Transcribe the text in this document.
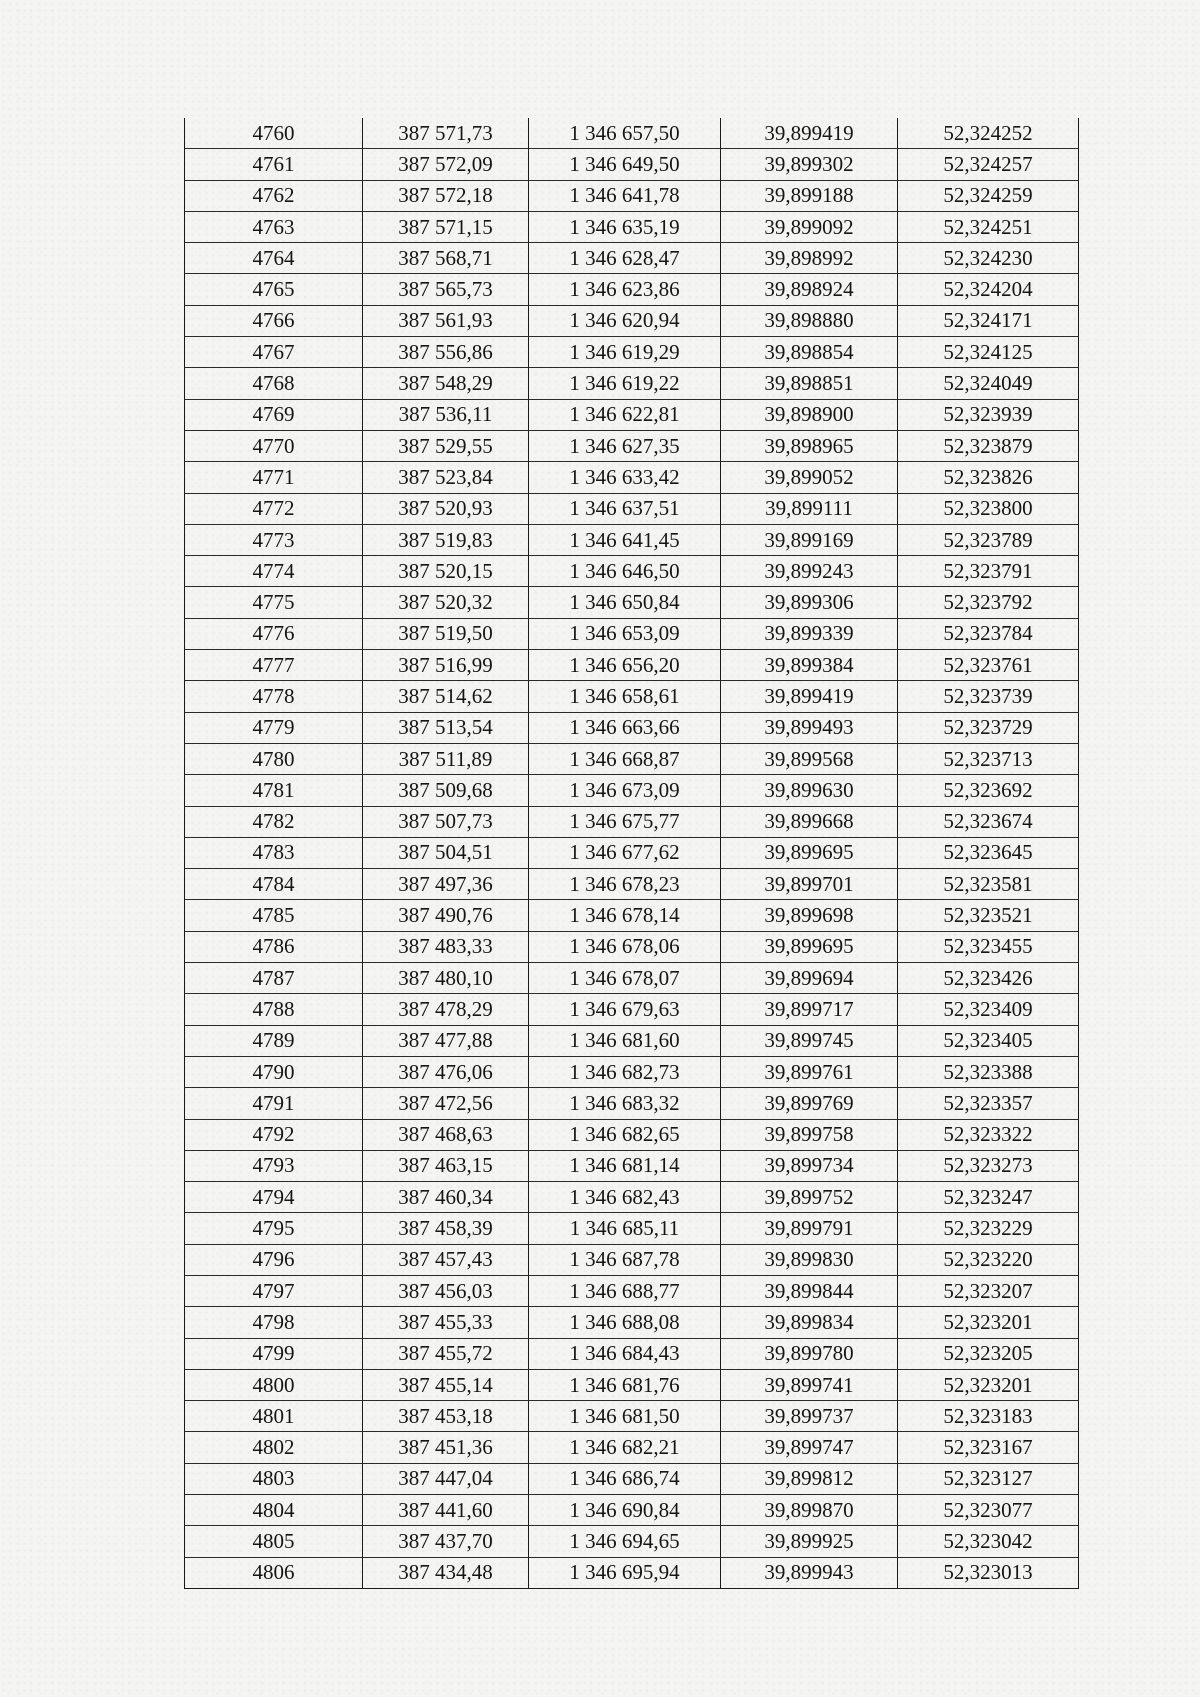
4760	387 571,73	1 346 657,50	39,899419	52,324252
4761	387 572,09	1 346 649,50	39,899302	52,324257
4762	387 572,18	1 346 641,78	39,899188	52,324259
4763	387 571,15	1 346 635,19	39,899092	52,324251
4764	387 568,71	1 346 628,47	39,898992	52,324230
4765	387 565,73	1 346 623,86	39,898924	52,324204
4766	387 561,93	1 346 620,94	39,898880	52,324171
4767	387 556,86	1 346 619,29	39,898854	52,324125
4768	387 548,29	1 346 619,22	39,898851	52,324049
4769	387 536,11	1 346 622,81	39,898900	52,323939
4770	387 529,55	1 346 627,35	39,898965	52,323879
4771	387 523,84	1 346 633,42	39,899052	52,323826
4772	387 520,93	1 346 637,51	39,899111	52,323800
4773	387 519,83	1 346 641,45	39,899169	52,323789
4774	387 520,15	1 346 646,50	39,899243	52,323791
4775	387 520,32	1 346 650,84	39,899306	52,323792
4776	387 519,50	1 346 653,09	39,899339	52,323784
4777	387 516,99	1 346 656,20	39,899384	52,323761
4778	387 514,62	1 346 658,61	39,899419	52,323739
4779	387 513,54	1 346 663,66	39,899493	52,323729
4780	387 511,89	1 346 668,87	39,899568	52,323713
4781	387 509,68	1 346 673,09	39,899630	52,323692
4782	387 507,73	1 346 675,77	39,899668	52,323674
4783	387 504,51	1 346 677,62	39,899695	52,323645
4784	387 497,36	1 346 678,23	39,899701	52,323581
4785	387 490,76	1 346 678,14	39,899698	52,323521
4786	387 483,33	1 346 678,06	39,899695	52,323455
4787	387 480,10	1 346 678,07	39,899694	52,323426
4788	387 478,29	1 346 679,63	39,899717	52,323409
4789	387 477,88	1 346 681,60	39,899745	52,323405
4790	387 476,06	1 346 682,73	39,899761	52,323388
4791	387 472,56	1 346 683,32	39,899769	52,323357
4792	387 468,63	1 346 682,65	39,899758	52,323322
4793	387 463,15	1 346 681,14	39,899734	52,323273
4794	387 460,34	1 346 682,43	39,899752	52,323247
4795	387 458,39	1 346 685,11	39,899791	52,323229
4796	387 457,43	1 346 687,78	39,899830	52,323220
4797	387 456,03	1 346 688,77	39,899844	52,323207
4798	387 455,33	1 346 688,08	39,899834	52,323201
4799	387 455,72	1 346 684,43	39,899780	52,323205
4800	387 455,14	1 346 681,76	39,899741	52,323201
4801	387 453,18	1 346 681,50	39,899737	52,323183
4802	387 451,36	1 346 682,21	39,899747	52,323167
4803	387 447,04	1 346 686,74	39,899812	52,323127
4804	387 441,60	1 346 690,84	39,899870	52,323077
4805	387 437,70	1 346 694,65	39,899925	52,323042
4806	387 434,48	1 346 695,94	39,899943	52,323013
